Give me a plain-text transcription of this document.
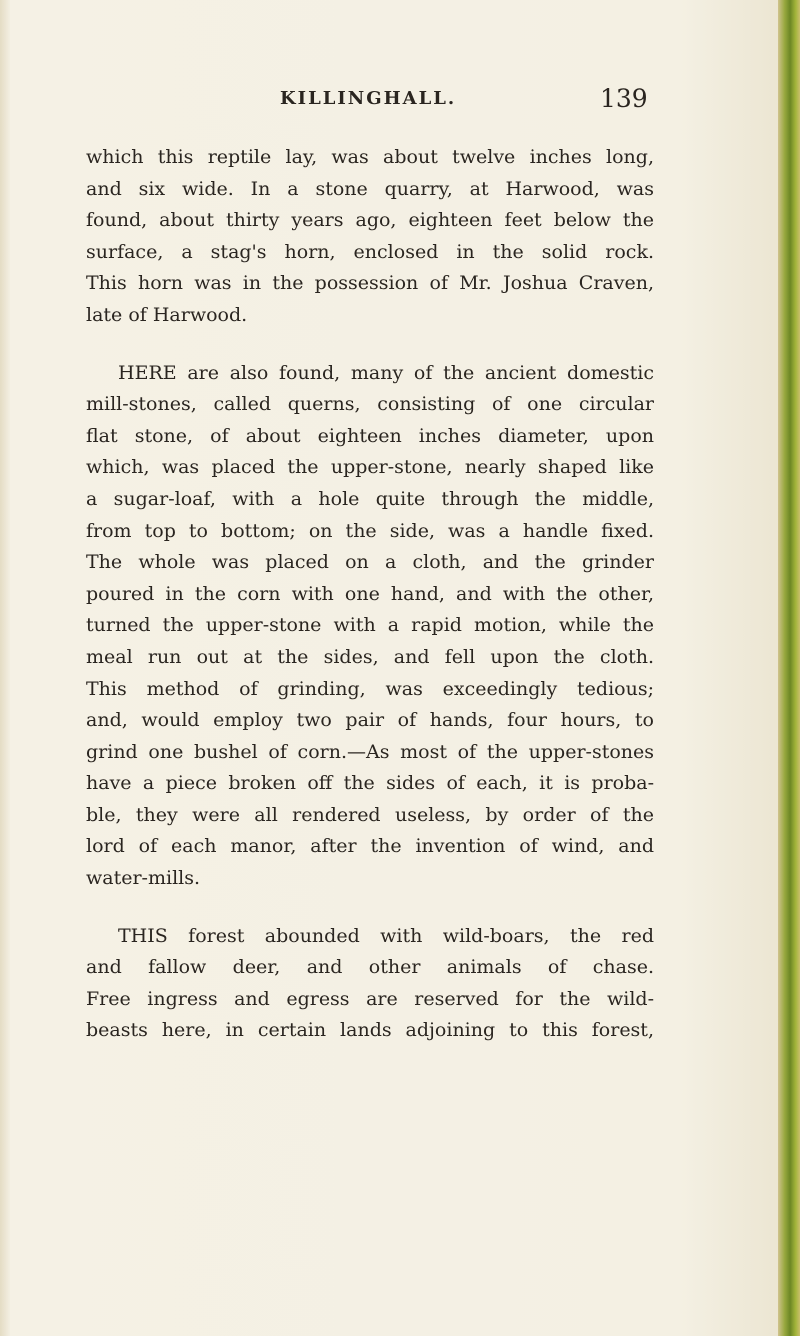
KILLINGHALL.	139
which this reptile lay, was about twelve inches long,
and six wide. In a stone quarry, at Harwood, was
found, about thirty years ago, eighteen feet below the
surface, a stag's horn, enclosed in the solid rock.
This horn was in the possession of Mr. Joshua Craven,
late of Harwood.
HERE are also found, many of the ancient domestic
mill-stones, called querns, consisting of one circular
flat stone, of about eighteen inches diameter, upon
which, was placed the upper-stone, nearly shaped like
a sugar-loaf, with a hole quite through the middle,
from top to bottom; on the side, was a handle fixed.
The whole was placed on a cloth, and the grinder
poured in the corn with one hand, and with the other,
turned the upper-stone with a rapid motion, while the
meal run out at the sides, and fell upon the cloth.
This method of grinding, was exceedingly tedious;
and, would employ two pair of hands, four hours, to
grind one bushel of corn.—As most of the upper-stones
have a piece broken off the sides of each, it is proba-
ble, they were all rendered useless, by order of the
lord of each manor, after the invention of wind, and
water-mills.
THIS forest abounded with wild-boars, the red
and fallow deer, and other animals of chase.
Free ingress and egress are reserved for the wild-
beasts here, in certain lands adjoining to this forest,
